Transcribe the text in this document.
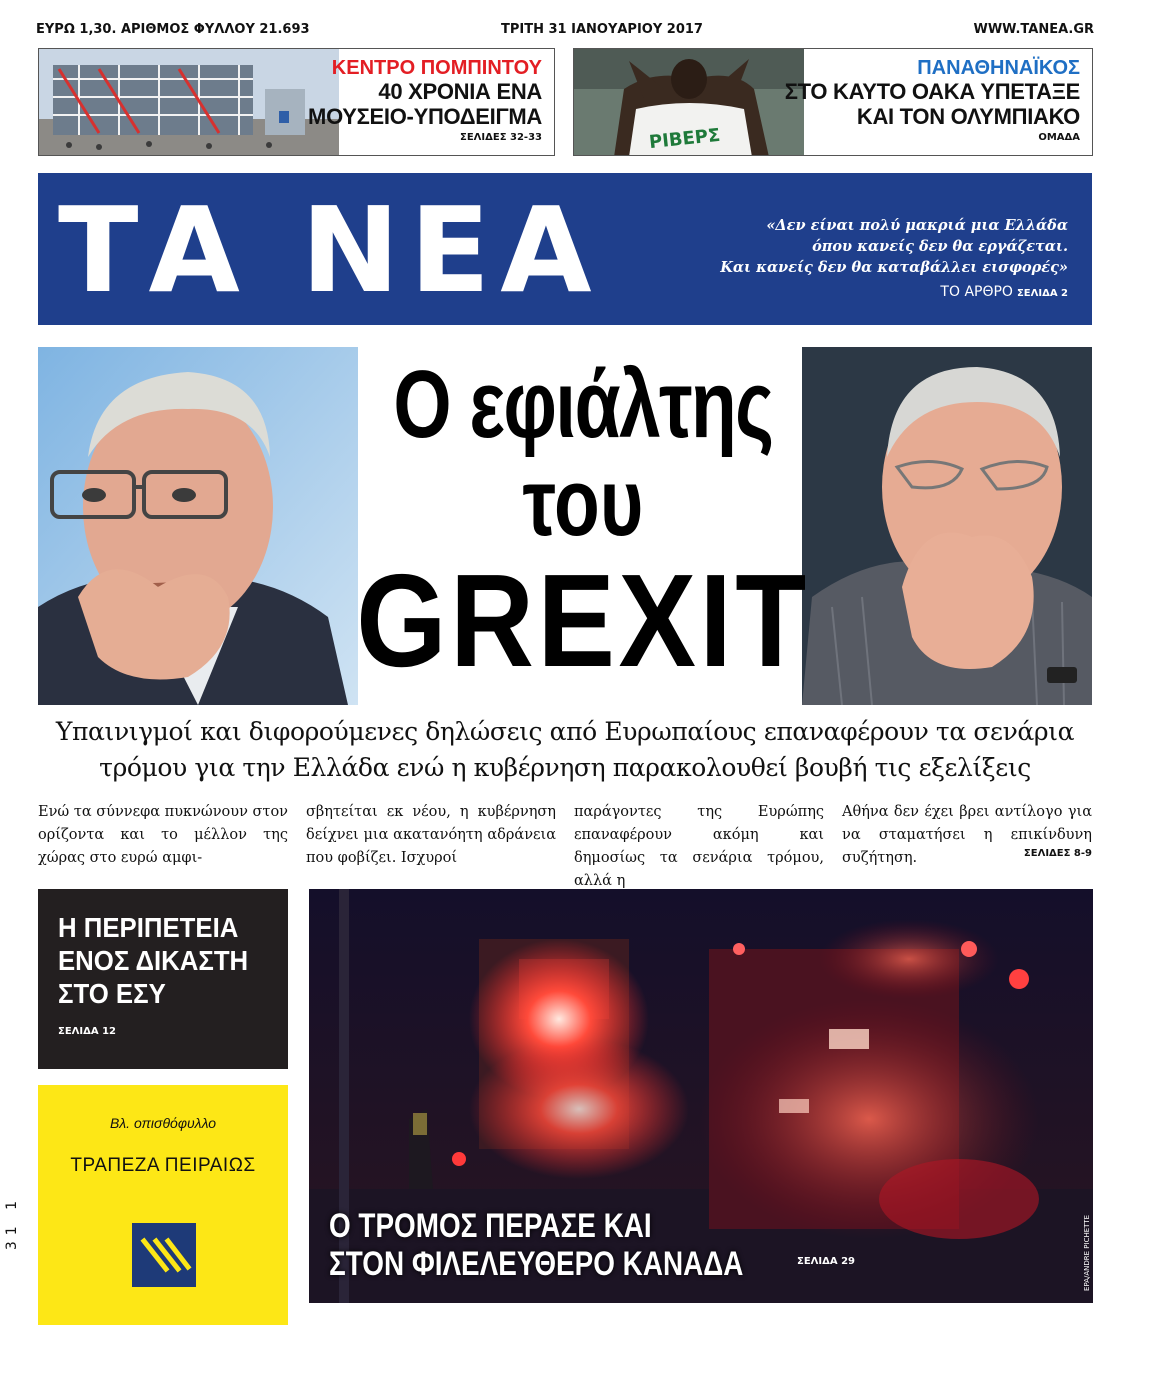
ΕΥΡΩ 1,30. ΑΡΙΘΜΟΣ ΦΥΛΛΟΥ 21.693	ΤΡΙΤΗ 31 ΙΑΝΟΥΑΡΙΟΥ 2017	WWW.TANEA.GR
ΚΕΝΤΡΟ ΠΟΜΠΙΝΤΟΥ
40 ΧΡΟΝΙΑ ΕΝΑ
ΜΟΥΣΕΙΟ-ΥΠΟΔΕΙΓΜΑ
ΣΕΛΙΔΕΣ 32-33	ΡΙΒΕΡΣ
ΠΑΝΑΘΗΝΑΪΚΟΣ
ΣΤΟ ΚΑΥΤΟ ΟΑΚΑ ΥΠΕΤΑΞΕ
ΚΑΙ ΤΟΝ ΟΛΥΜΠΙΑΚΟ
ΟΜΑΔΑ
ΤΑ ΝΕΑ	«Δεν είναι πολύ μακριά μια Ελλάδα
όπου κανείς δεν θα εργάζεται.
Και κανείς δεν θα καταβάλλει εισφορές»
ΤΟ ΑΡΘΡΟ ΣΕΛΙΔΑ 2
Ο εφιάλτης
του
GREXIT
Υπαινιγμοί και διφορούμενες δηλώσεις από Ευρωπαίους επαναφέρουν τα σενάρια
τρόμου για την Ελλάδα ενώ η κυβέρνηση παρακολουθεί βουβή τις εξελίξεις
Ενώ τα σύννεφα πυκνώνουν στον ορίζοντα και το μέλλον της χώρας στο ευρώ αμφι-
σβητείται εκ νέου, η κυβέρνηση δείχνει μια ακατανόητη αδράνεια που φοβίζει. Ισχυροί
παράγοντες της Ευρώπης επαναφέρουν ακόμη και δημοσίως τα σενάρια τρόμου, αλλά η
Αθήνα δεν έχει βρει αντίλογο για να σταματήσει η επικίνδυνη συζήτηση.	ΣΕΛΙΔΕΣ 8-9
Η ΠΕΡΙΠΕΤΕΙΑ
ΕΝΟΣ ΔΙΚΑΣΤΗ
ΣΤΟ ΕΣΥ
ΣΕΛΙΔΑ 12
Βλ. οπισθόφυλλο
ΤΡΑΠΕΖΑ ΠΕΙΡΑΙΩΣ
Ο ΤΡΟΜΟΣ ΠΕΡΑΣΕ ΚΑΙ
ΣΤΟΝ ΦΙΛΕΛΕΥΘΕΡΟ ΚΑΝΑΔΑ	ΣΕΛΙΔΑ 29	EPA/ANDRE PICHETTE
31 1
